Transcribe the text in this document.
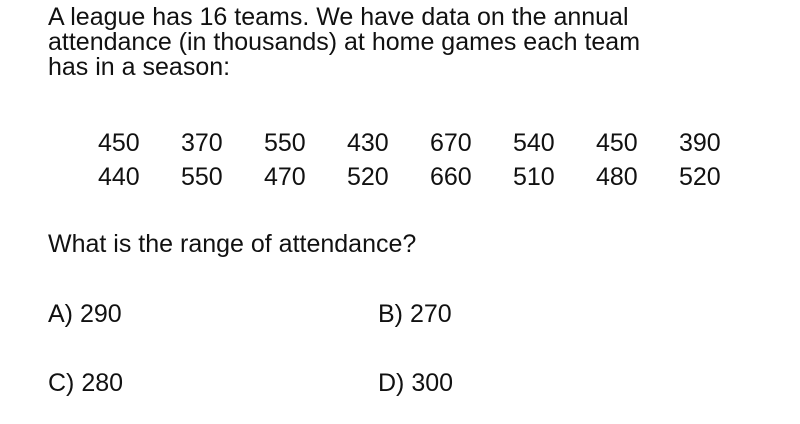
A league has 16 teams. We have data on the annual
attendance (in thousands) at home games each team
has in a season:

450	370	550	430	670	540	450	390
440	550	470	520	660	510	480	520

What is the range of attendance?

A) 290	B) 270
C) 280	D) 300
